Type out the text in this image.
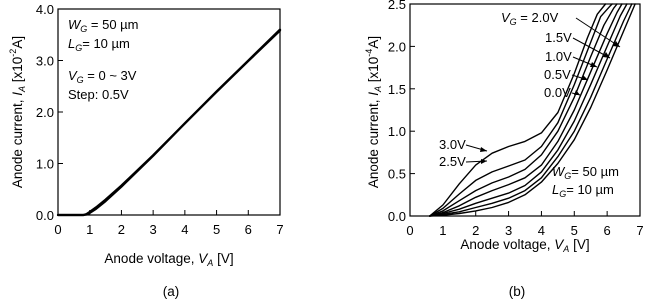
0 1 2 3 4 5 6 7
0.0
1.0
2.0
3.0
4.0
$W_G = 50$ µm
$L_G= 10$ µm
$V_G = 0$ ~ 3V
Step: 0.5V
Anode voltage, $V_A$ [V]
Anode current, $I_A$ $[x10^{-2}A]$
(a)
0 1 2 3 4 5 6 7
0.0
0.5
1.0
1.5
2.0
2.5
$V_G = 2.0V$
1.5V
1.0V
0.5V
0.0V
3.0V
2.5V
$W_G= 50$ µm
$L_G= 10$ µm
Anode voltage, $V_A$ [V]
Anode current, $I_A$ $[x10^{-4}A]$
(b)
